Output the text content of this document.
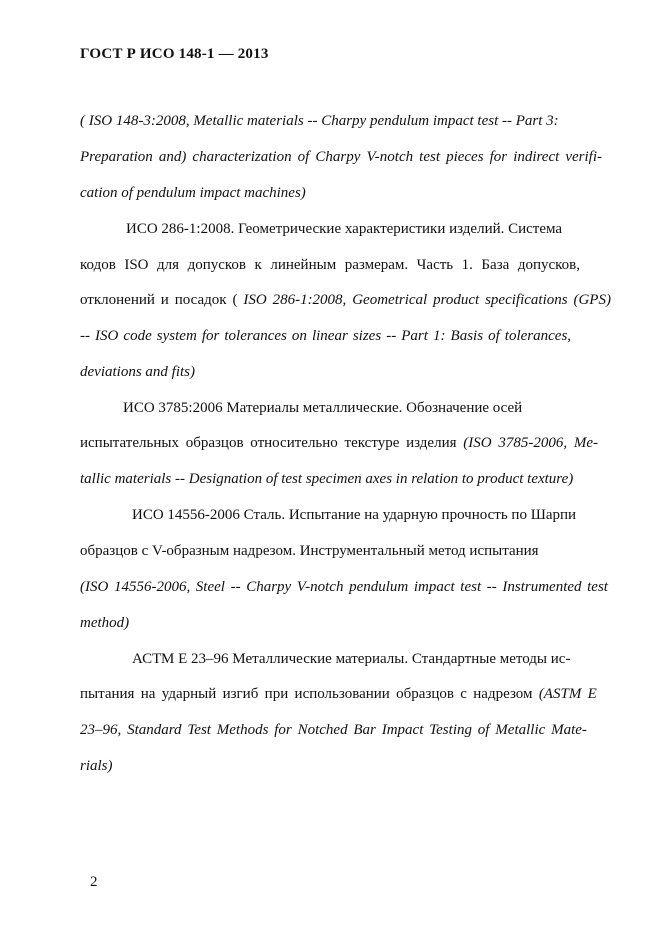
ГОСТ Р ИСО 148-1 — 2013
( ISO 148-3:2008, Metallic materials -- Charpy pendulum impact test -- Part 3:
Preparation and) characterization of Charpy V-notch test pieces for indirect verifi-
cation of pendulum impact machines)
ИСО 286-1:2008. Геометрические характеристики изделий. Система
кодов ISO для допусков к линейным размерам. Часть 1. База допусков,
отклонений и посадок ( ISO 286-1:2008, Geometrical product specifications (GPS)
-- ISO code system for tolerances on linear sizes -- Part 1: Basis of tolerances,
deviations and fits)
ИСО 3785:2006 Материалы металлические. Обозначение осей
испытательных образцов относительно текстуре изделия (ISO 3785-2006, Me-
tallic materials -- Designation of test specimen axes in relation to product texture)
ИСО 14556-2006 Сталь. Испытание на ударную прочность по Шарпи
образцов с V-образным надрезом. Инструментальный метод испытания
(ISO 14556-2006, Steel -- Charpy V-notch pendulum impact test -- Instrumented test
method)
АСТМ Е 23–96 Металлические материалы. Стандартные методы ис-
пытания на ударный изгиб при использовании образцов с надрезом (ASTM E
23–96, Standard Test Methods for Notched Bar Impact Testing of Metallic Mate-
rials)
2
